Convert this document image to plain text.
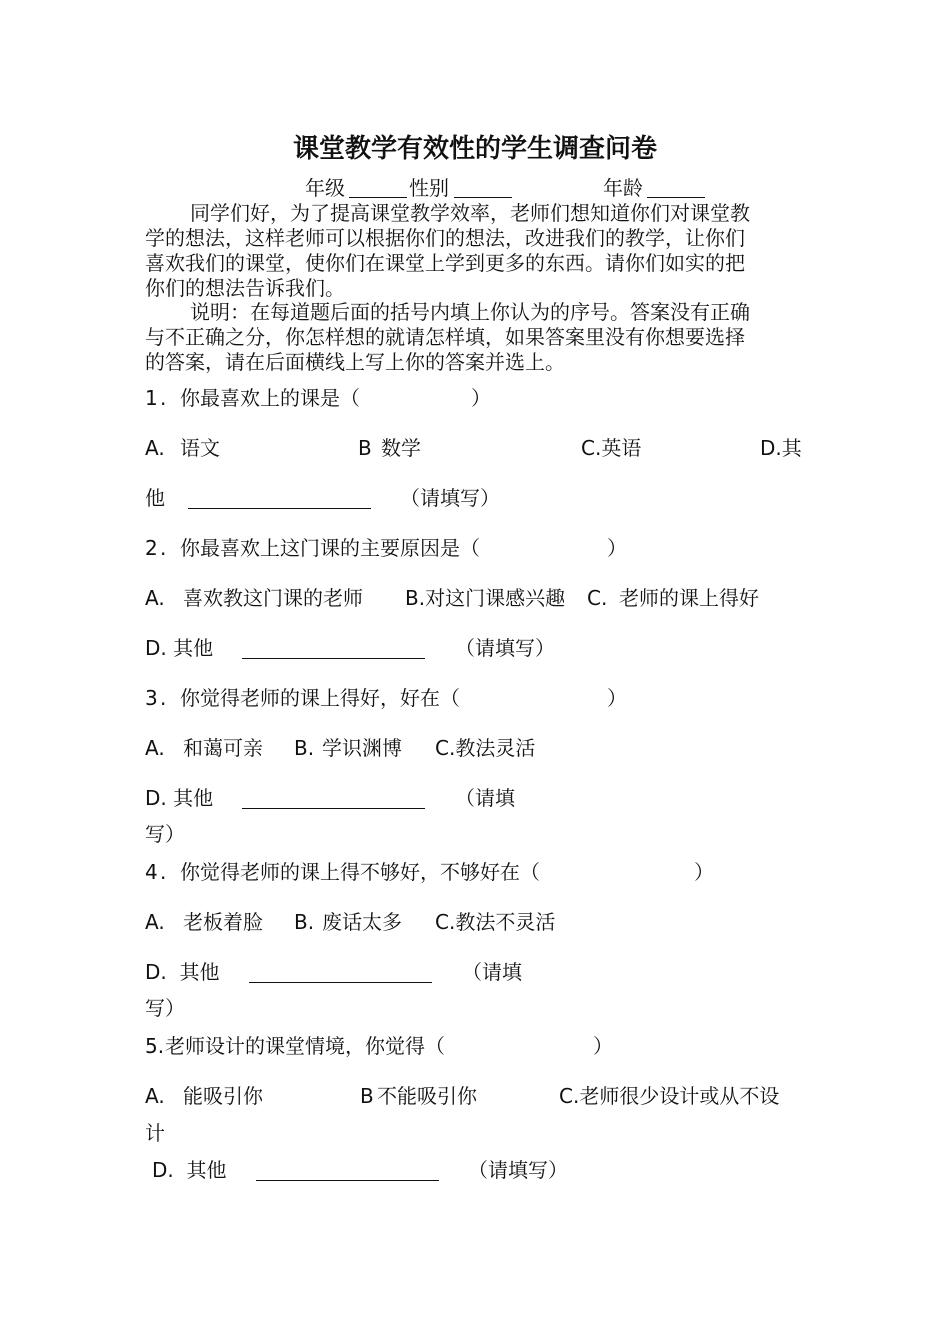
课堂教学有效性的学生调查问卷
年级	性别	年龄
同学们好，为了提高课堂教学效率，老师们想知道你们对课堂教
学的想法，这样老师可以根据你们的想法，改进我们的教学，让你们
喜欢我们的课堂，使你们在课堂上学到更多的东西。请你们如实的把
你们的想法告诉我们。
说明：在每道题后面的括号内填上你认为的序号。答案没有正确
与不正确之分，你怎样想的就请怎样填，如果答案里没有你想要选择
的答案，请在后面横线上写上你的答案并选上。
1 . 你最喜欢上的课是（	）
A. 语文	B 数学	C.英语	D.其
他	（请填写）
2 . 你最喜欢上这门课的主要原因是（	）
A. 喜欢教这门课的老师 B.对这门课感兴趣 C. 老师的课上得好
D. 其他	（请填写）
3 . 你觉得老师的课上得好，好在（	）
A. 和蔼可亲 B. 学识渊博 C.教法灵活
D. 其他	（请填
写）
4 . 你觉得老师的课上得不够好，不够好在（	）
A. 老板着脸 B. 废话太多 C.教法不灵活
D.  其他	（请填
写）
5. 老师设计的课堂情境，你觉得（	）
A. 能吸引你	B 不能吸引你	C.老师很少设计或从不设
计
D.  其他	（请填写）
